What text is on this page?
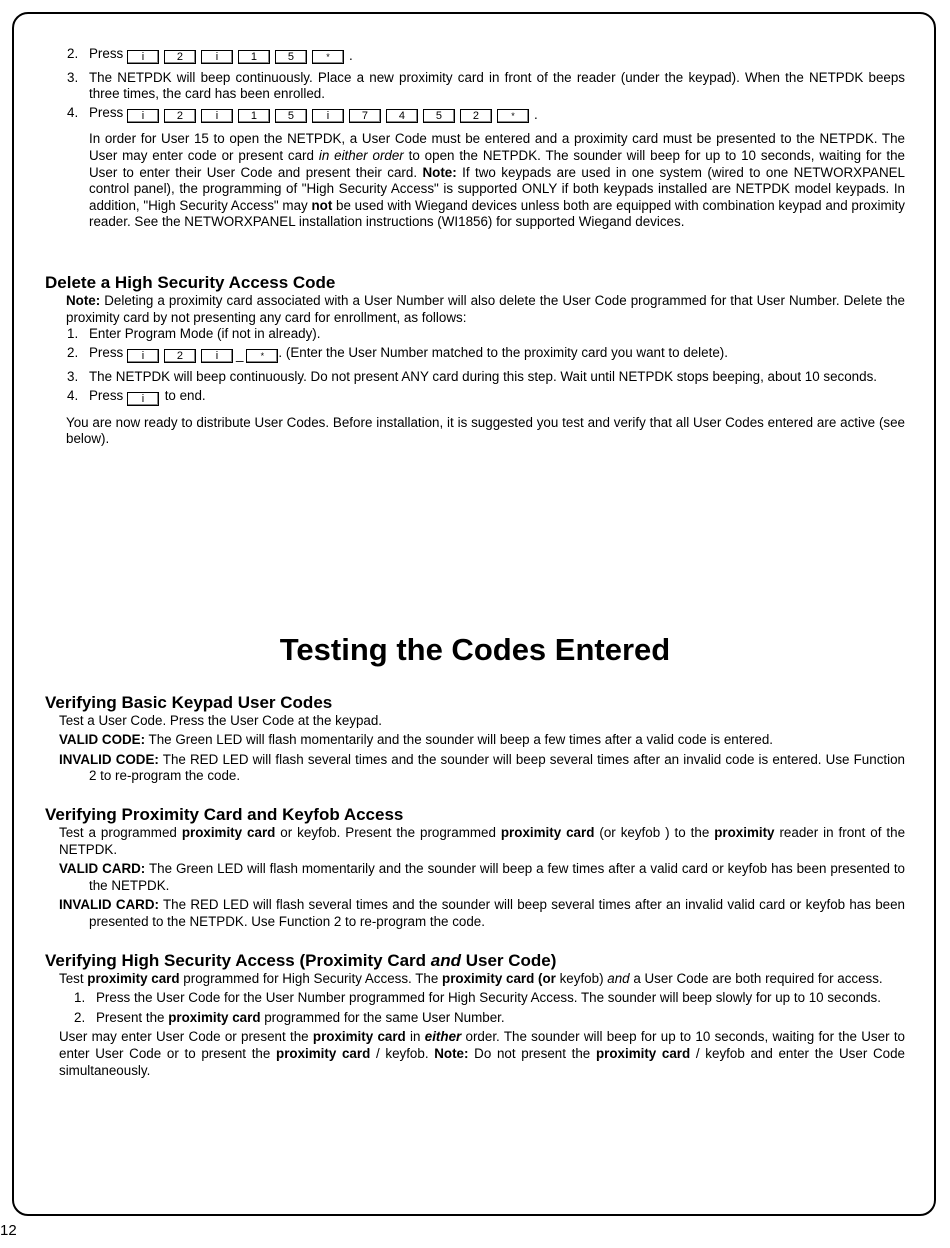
2. Press i	2	i	1	5	* .
3. The NETPDK will beep continuously. Place a new proximity card in front of the reader (under the keypad). When the NETPDK beeps three times, the card has been enrolled.
4. Press i	2	i	1	5	i	7	4	5	2	* .

In order for User 15 to open the NETPDK, a User Code must be entered and a proximity card must be presented to the NETPDK. The User may enter code or present card in either order to open the NETPDK. The sounder will beep for up to 10 seconds, waiting for the User to enter their User Code and present their card. Note: If two keypads are used in one system (wired to one NETWORXPANEL control panel), the programming of "High Security Access" is supported ONLY if both keypads installed are NETPDK model keypads. In addition, "High Security Access" may not be used with Wiegand devices unless both are equipped with combination keypad and proximity reader. See the NETWORXPANEL installation instructions (WI1856) for supported Wiegand devices.

Delete a High Security Access Code

Note: Deleting a proximity card associated with a User Number will also delete the User Code programmed for that User Number. Delete the proximity card by not presenting any card for enrollment, as follows:

1. Enter Program Mode (if not in already).
2. Press i	2	i _ * . (Enter the User Number matched to the proximity card you want to delete).
3. The NETPDK will beep continuously. Do not present ANY card during this step. Wait until NETPDK stops beeping, about 10 seconds.
4. Press i to end.

You are now ready to distribute User Codes. Before installation, it is suggested you test and verify that all User Codes entered are active (see below).

Testing the Codes Entered

Verifying Basic Keypad User Codes

Test a User Code. Press the User Code at the keypad.

VALID CODE: The Green LED will flash momentarily and the sounder will beep a few times after a valid code is entered.

INVALID CODE: The RED LED will flash several times and the sounder will beep several times after an invalid code is entered. Use Function 2 to re-program the code.

Verifying Proximity Card and Keyfob Access

Test a programmed proximity card or keyfob. Present the programmed proximity card (or keyfob ) to the proximity reader in front of the NETPDK.

VALID CARD: The Green LED will flash momentarily and the sounder will beep a few times after a valid card or keyfob has been presented to the NETPDK.

INVALID CARD: The RED LED will flash several times and the sounder will beep several times after an invalid valid card or keyfob has been presented to the NETPDK. Use Function 2 to re-program the code.

Verifying High Security Access (Proximity Card and User Code)

Test proximity card programmed for High Security Access. The proximity card (or keyfob) and a User Code are both required for access.

1. Press the User Code for the User Number programmed for High Security Access. The sounder will beep slowly for up to 10 seconds.
2. Present the proximity card programmed for the same User Number.

User may enter User Code or present the proximity card in either order. The sounder will beep for up to 10 seconds, waiting for the User to enter User Code or to present the proximity card / keyfob. Note: Do not present the proximity card / keyfob and enter the User Code simultaneously.

12
